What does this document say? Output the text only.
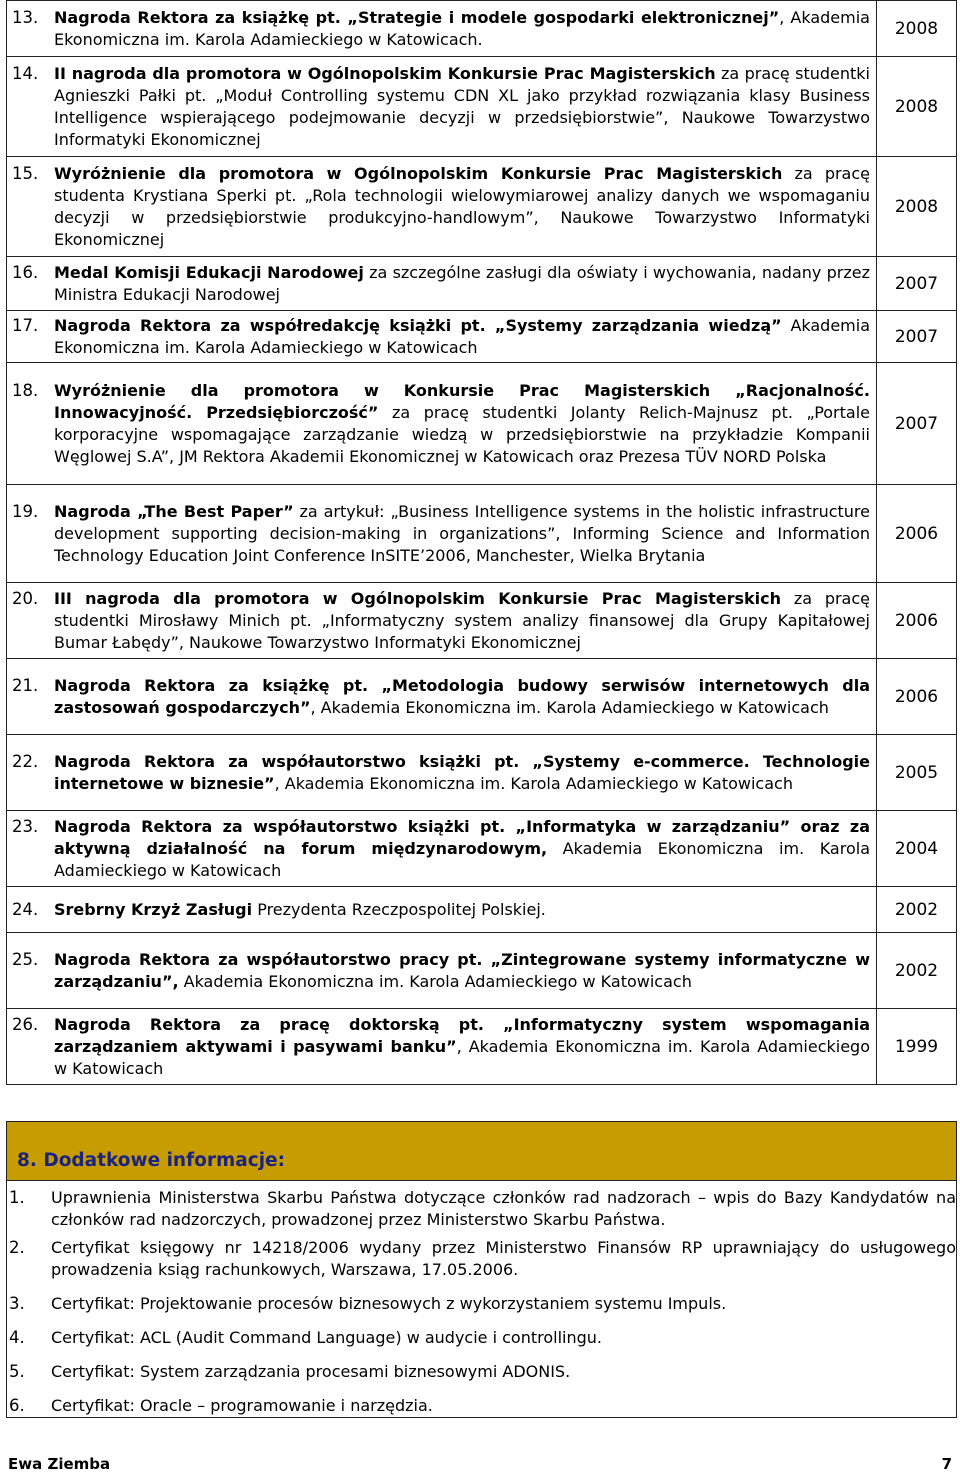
13. Nagroda Rektora za książkę pt. „Strategie i modele gospodarki elektronicznej”, Akademia Ekonomiczna im. Karola Adamieckiego w Katowicach.	2008

14. II nagroda dla promotora w Ogólnopolskim Konkursie Prac Magisterskich za pracę studentki Agnieszki Pałki pt. „Moduł Controlling systemu CDN XL jako przykład rozwiązania klasy Business Intelligence wspierającego podejmowanie decyzji w przedsiębiorstwie”, Naukowe Towarzystwo Informatyki Ekonomicznej	2008

15. Wyróżnienie dla promotora w Ogólnopolskim Konkursie Prac Magisterskich za pracę studenta Krystiana Sperki pt. „Rola technologii wielowymiarowej analizy danych we wspomaganiu decyzji w przedsiębiorstwie produkcyjno-handlowym”, Naukowe Towarzystwo Informatyki Ekonomicznej	2008

16. Medal Komisji Edukacji Narodowej za szczególne zasługi dla oświaty i wychowania, nadany przez Ministra Edukacji Narodowej	2007

17. Nagroda Rektora za współredakcję książki pt. „Systemy zarządzania wiedzą” Akademia Ekonomiczna im. Karola Adamieckiego w Katowicach	2007

18. Wyróżnienie dla promotora w Konkursie Prac Magisterskich „Racjonalność. Innowacyjność. Przedsiębiorczość” za pracę studentki Jolanty Relich-Majnusz pt. „Portale korporacyjne wspomagające zarządzanie wiedzą w przedsiębiorstwie na przykładzie Kompanii Węglowej S.A”, JM Rektora Akademii Ekonomicznej w Katowicach oraz Prezesa TÜV NORD Polska	2007

19. Nagroda „The Best Paper” za artykuł: „Business Intelligence systems in the holistic infrastructure development supporting decision-making in organizations”, Informing Science and Information Technology Education Joint Conference InSITE’2006, Manchester, Wielka Brytania	2006

20. III nagroda dla promotora w Ogólnopolskim Konkursie Prac Magisterskich za pracę studentki Mirosławy Minich pt. „Informatyczny system analizy finansowej dla Grupy Kapitałowej Bumar Łabędy”, Naukowe Towarzystwo Informatyki Ekonomicznej	2006

21. Nagroda Rektora za książkę pt. „Metodologia budowy serwisów internetowych dla zastosowań gospodarczych”, Akademia Ekonomiczna im. Karola Adamieckiego w Katowicach	2006

22. Nagroda Rektora za współautorstwo książki pt. „Systemy e-commerce. Technologie internetowe w biznesie”, Akademia Ekonomiczna im. Karola Adamieckiego w Katowicach	2005

23. Nagroda Rektora za współautorstwo książki pt. „Informatyka w zarządzaniu” oraz za aktywną działalność na forum międzynarodowym, Akademia Ekonomiczna im. Karola Adamieckiego w Katowicach	2004

24. Srebrny Krzyż Zasługi Prezydenta Rzeczpospolitej Polskiej.	2002

25. Nagroda Rektora za współautorstwo pracy pt. „Zintegrowane systemy informatyczne w zarządzaniu”, Akademia Ekonomiczna im. Karola Adamieckiego w Katowicach	2002

26. Nagroda Rektora za pracę doktorską pt. „Informatyczny system wspomagania zarządzaniem aktywami i pasywami banku”, Akademia Ekonomiczna im. Karola Adamieckiego w Katowicach	1999
8. Dodatkowe informacje:

1.	Uprawnienia Ministerstwa Skarbu Państwa dotyczące członków rad nadzorach – wpis do Bazy Kandydatów na członków rad nadzorczych, prowadzonej przez Ministerstwo Skarbu Państwa.
2.	Certyfikat księgowy nr 14218/2006 wydany przez Ministerstwo Finansów RP uprawniający do usługowego prowadzenia ksiąg rachunkowych, Warszawa, 17.05.2006.
3.	Certyfikat: Projektowanie procesów biznesowych z wykorzystaniem systemu Impuls.
4.	Certyfikat: ACL (Audit Command Language) w audycie i controllingu.
5.	Certyfikat: System zarządzania procesami biznesowymi ADONIS.
6.	Certyfikat: Oracle – programowanie i narzędzia.
Ewa Ziemba	7
